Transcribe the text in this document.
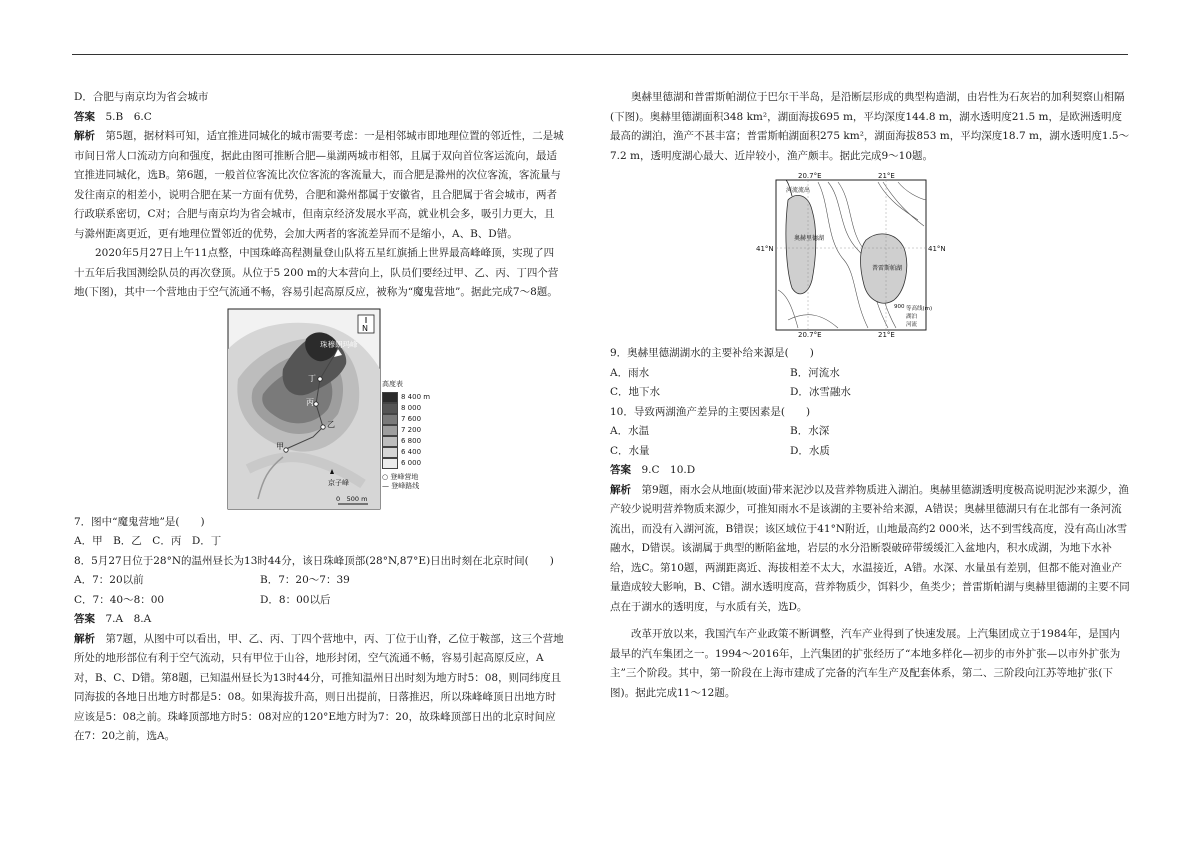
D．合肥与南京均为省会城市

答案　 5.B　6.C

解析　 第5题，据材料可知，适宜推进同城化的城市需要考虑：一是相邻城市即地理位置的邻近性，二是城市间日常人口流动方向和强度，据此由图可推断合肥—巢湖两城市相邻，且属于双向首位客运流向，最适宜推进同城化，选B。第6题，一般首位客流比次位客流的客流量大，而合肥是滁州的次位客流，客流量与发往南京的相差小，说明合肥在某一方面有优势，合肥和滁州都属于安徽省，且合肥属于省会城市，两者行政联系密切，C对；合肥与南京均为省会城市，但南京经济发展水平高，就业机会多，吸引力更大，且与滁州距离更近，更有地理位置邻近的优势，会加大两者的客流差异而不是缩小，A、B、D错。

2020年5月27日上午11点整，中国珠峰高程测量登山队将五星红旗插上世界最高峰峰顶，实现了四十五年后我国测绘队员的再次登顶。从位于5 200 m的大本营向上，队员们要经过甲、乙、丙、丁四个营地(下图)，其中一个营地由于空气流通不畅，容易引起高原反应，被称为“魔鬼营地”。据此完成7～8题。

甲
乙
丙
丁
珠穆朗玛峰
N
京子峰
0　500 m

7．图中“魔鬼营地”是(　　)

A．甲　B．乙　C．丙　D．丁

8．5月27日位于28°N的温州昼长为13时44分，该日珠峰顶部(28°N,87°E)日出时刻在北京时间(　　)

A．7：20以前	B．7：20～7：39
C．7：40～8：00	D．8：00以后

答案　 7.A　8.A

解析　 第7题，从图中可以看出，甲、乙、丙、丁四个营地中，丙、丁位于山脊，乙位于鞍部，这三个营地所处的地形部位有利于空气流动，只有甲位于山谷，地形封闭，空气流通不畅，容易引起高原反应，A对，B、C、D错。第8题，已知温州昼长为13时44分，可推知温州日出时刻为地方时5：08，则同纬度且同海拔的各地日出地方时都是5：08。如果海拔升高，则日出提前，日落推迟，所以珠峰峰顶日出地方时应该是5：08之前。珠峰顶部地方时5：08对应的120°E地方时为7：20，故珠峰顶部日出的北京时间应在7：20之前，选A。

高度表
8 400 m
8 000
7 600
7 200
6 800
6 400
6 000
○ 登峰营地
— 登峰路线

奥赫里德湖和普雷斯帕湖位于巴尔干半岛，是沿断层形成的典型构造湖，由岩性为石灰岩的加利契察山相隔(下图)。奥赫里德湖面积348 km²，湖面海拔695 m，平均深度144.8 m，湖水透明度21.5 m，是欧洲透明度最高的湖泊，渔产不甚丰富；普雷斯帕湖面积275 km²，湖面海拔853 m，平均深度18.7 m，湖水透明度1.5～7.2 m，透明度湖心最大、近岸较小，渔产颇丰。据此完成9～10题。

20.7°E	21°E
20.7°E	21°E
41°N	41°N
河流流出
奥赫里德湖
普雷斯帕湖
900 等高线(m)
湖泊
河流

9．奥赫里德湖湖水的主要补给来源是(　　)

A．雨水	B．河流水
C．地下水	D．冰雪融水

10．导致两湖渔产差异的主要因素是(　　)

A．水温	B．水深
C．水量	D．水质

答案　 9.C　10.D

解析　 第9题，雨水会从地面(坡面)带来泥沙以及营养物质进入湖泊。奥赫里德湖透明度极高说明泥沙来源少，渔产较少说明营养物质来源少，可推知雨水不是该湖的主要补给来源，A错误；奥赫里德湖只有在北部有一条河流流出，而没有入湖河流，B错误；该区域位于41°N附近，山地最高约2 000米，达不到雪线高度，没有高山冰雪融水，D错误。该湖属于典型的断陷盆地，岩层的水分沿断裂破碎带缓缓汇入盆地内，积水成湖，为地下水补给，选C。第10题，两湖距离近、海拔相差不太大，水温接近，A错。水深、水量虽有差别，但都不能对渔业产量造成较大影响，B、C错。湖水透明度高，营养物质少，饵料少，鱼类少；普雷斯帕湖与奥赫里德湖的主要不同点在于湖水的透明度，与水质有关，选D。

改革开放以来，我国汽车产业政策不断调整，汽车产业得到了快速发展。上汽集团成立于1984年，是国内最早的汽车集团之一。1994～2016年，上汽集团的扩张经历了“本地多样化—初步的市外扩张—以市外扩张为主”三个阶段。其中，第一阶段在上海市建成了完备的汽车生产及配套体系，第二、三阶段向江苏等地扩张(下图)。据此完成11～12题。
